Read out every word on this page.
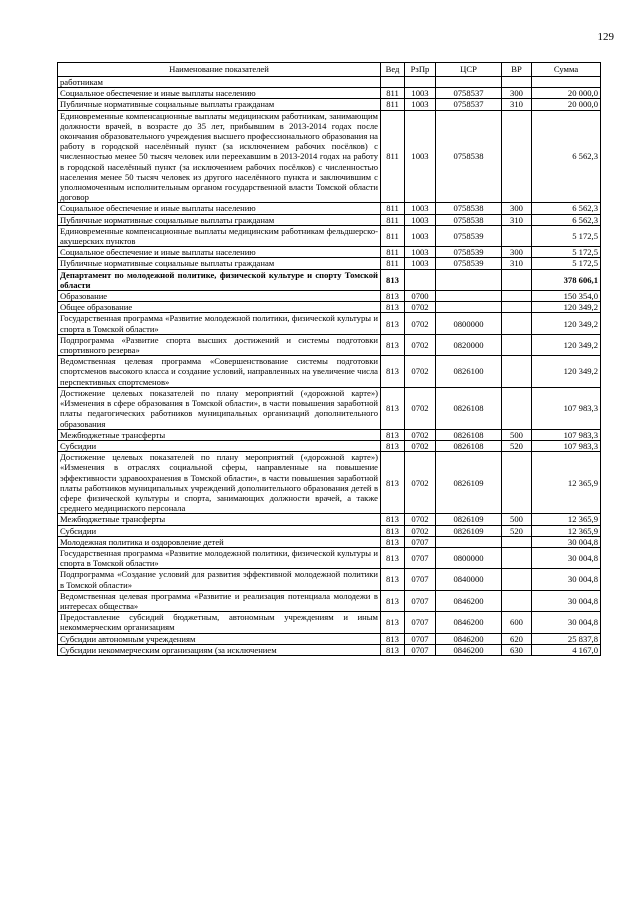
129
Наименование показателей	Вед	РзПр	ЦСР	ВР	Сумма
работникам					
Социальное обеспечение и иные выплаты населению	811	1003	0758537	300	20 000,0
Публичные нормативные социальные выплаты гражданам	811	1003	0758537	310	20 000,0
Единовременные компенсационные выплаты медицинским работникам, занимающим должности врачей, в возрасте до 35 лет, прибывшим в 2013-2014 годах после окончания образовательного учреждения высшего профессионального образования на работу в городской населённый пункт (за исключением рабочих посёлков) с численностью менее 50 тысяч человек или переехавшим в 2013-2014 годах на работу в городской населённый пункт (за исключением рабочих посёлков) с численностью населения менее 50 тысяч человек из другого населённого пункта и заключившим с уполномоченным исполнительным органом государственной власти Томской области договор	811	1003	0758538		6 562,3
Социальное обеспечение и иные выплаты населению	811	1003	0758538	300	6 562,3
Публичные нормативные социальные выплаты гражданам	811	1003	0758538	310	6 562,3
Единовременные компенсационные выплаты медицинским работникам фельдшерско-акушерских пунктов	811	1003	0758539		5 172,5
Социальное обеспечение и иные выплаты населению	811	1003	0758539	300	5 172,5
Публичные нормативные социальные выплаты гражданам	811	1003	0758539	310	5 172,5
Департамент по молодежной политике, физической культуре и спорту Томской области	813				378 606,1
Образование	813	0700			150 354,0
Общее образование	813	0702			120 349,2
Государственная программа «Развитие молодежной политики, физической культуры и спорта в Томской области»	813	0702	0800000		120 349,2
Подпрограмма «Развитие спорта высших достижений и системы подготовки спортивного резерва»	813	0702	0820000		120 349,2
Ведомственная целевая программа «Совершенствование системы подготовки спортсменов высокого класса и создание условий, направленных на увеличение числа перспективных спортсменов»	813	0702	0826100		120 349,2
Достижение целевых показателей по плану мероприятий («дорожной карте») «Изменения в сфере образования в Томской области», в части повышения заработной платы педагогических работников муниципальных организаций дополнительного образования	813	0702	0826108		107 983,3
Межбюджетные трансферты	813	0702	0826108	500	107 983,3
Субсидии	813	0702	0826108	520	107 983,3
Достижение целевых показателей по плану мероприятий («дорожной карте») «Изменения в отраслях социальной сферы, направленные на повышение эффективности здравоохранения в Томской области», в части повышения заработной платы работников муниципальных учреждений дополнительного образования детей в сфере физической культуры и спорта, занимающих должности врачей, а также среднего медицинского персонала	813	0702	0826109		12 365,9
Межбюджетные трансферты	813	0702	0826109	500	12 365,9
Субсидии	813	0702	0826109	520	12 365,9
Молодежная политика и оздоровление детей	813	0707			30 004,8
Государственная программа «Развитие молодежной политики, физической культуры и спорта в Томской области»	813	0707	0800000		30 004,8
Подпрограмма «Создание условий для развития эффективной молодежной политики в Томской области»	813	0707	0840000		30 004,8
Ведомственная целевая программа «Развитие и реализация потенциала молодежи в интересах общества»	813	0707	0846200		30 004,8
Предоставление субсидий бюджетным, автономным учреждениям и иным некоммерческим организациям	813	0707	0846200	600	30 004,8
Субсидии автономным учреждениям	813	0707	0846200	620	25 837,8
Субсидии некоммерческим организациям (за исключением	813	0707	0846200	630	4 167,0
